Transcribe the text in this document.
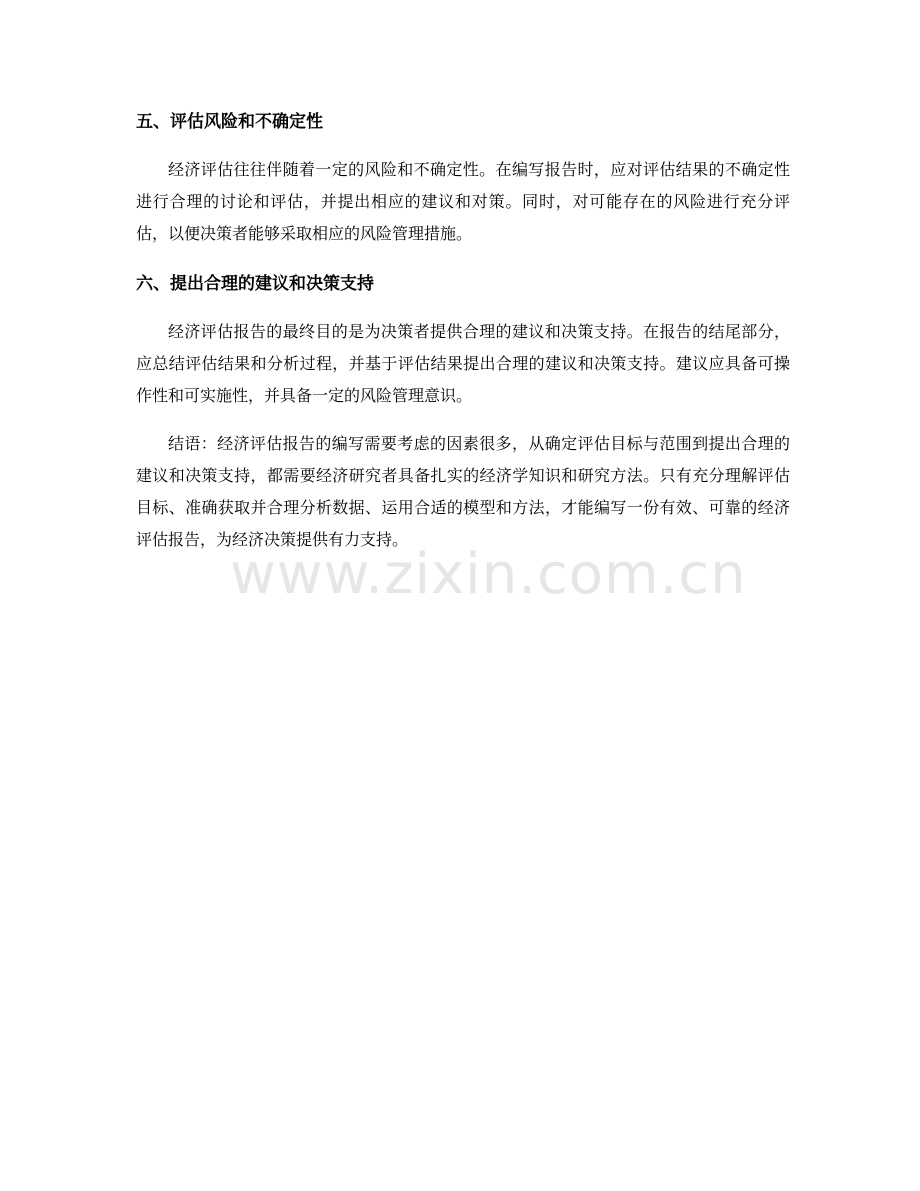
www.zixin.com.cn
五、评估风险和不确定性

经济评估往往伴随着一定的风险和不确定性。在编写报告时，应对评估结果的不确定性进行合理的讨论和评估，并提出相应的建议和对策。同时，对可能存在的风险进行充分评估，以便决策者能够采取相应的风险管理措施。

六、提出合理的建议和决策支持

经济评估报告的最终目的是为决策者提供合理的建议和决策支持。在报告的结尾部分，应总结评估结果和分析过程，并基于评估结果提出合理的建议和决策支持。建议应具备可操作性和可实施性，并具备一定的风险管理意识。

结语：经济评估报告的编写需要考虑的因素很多，从确定评估目标与范围到提出合理的建议和决策支持，都需要经济研究者具备扎实的经济学知识和研究方法。只有充分理解评估目标、准确获取并合理分析数据、运用合适的模型和方法，才能编写一份有效、可靠的经济评估报告，为经济决策提供有力支持。
